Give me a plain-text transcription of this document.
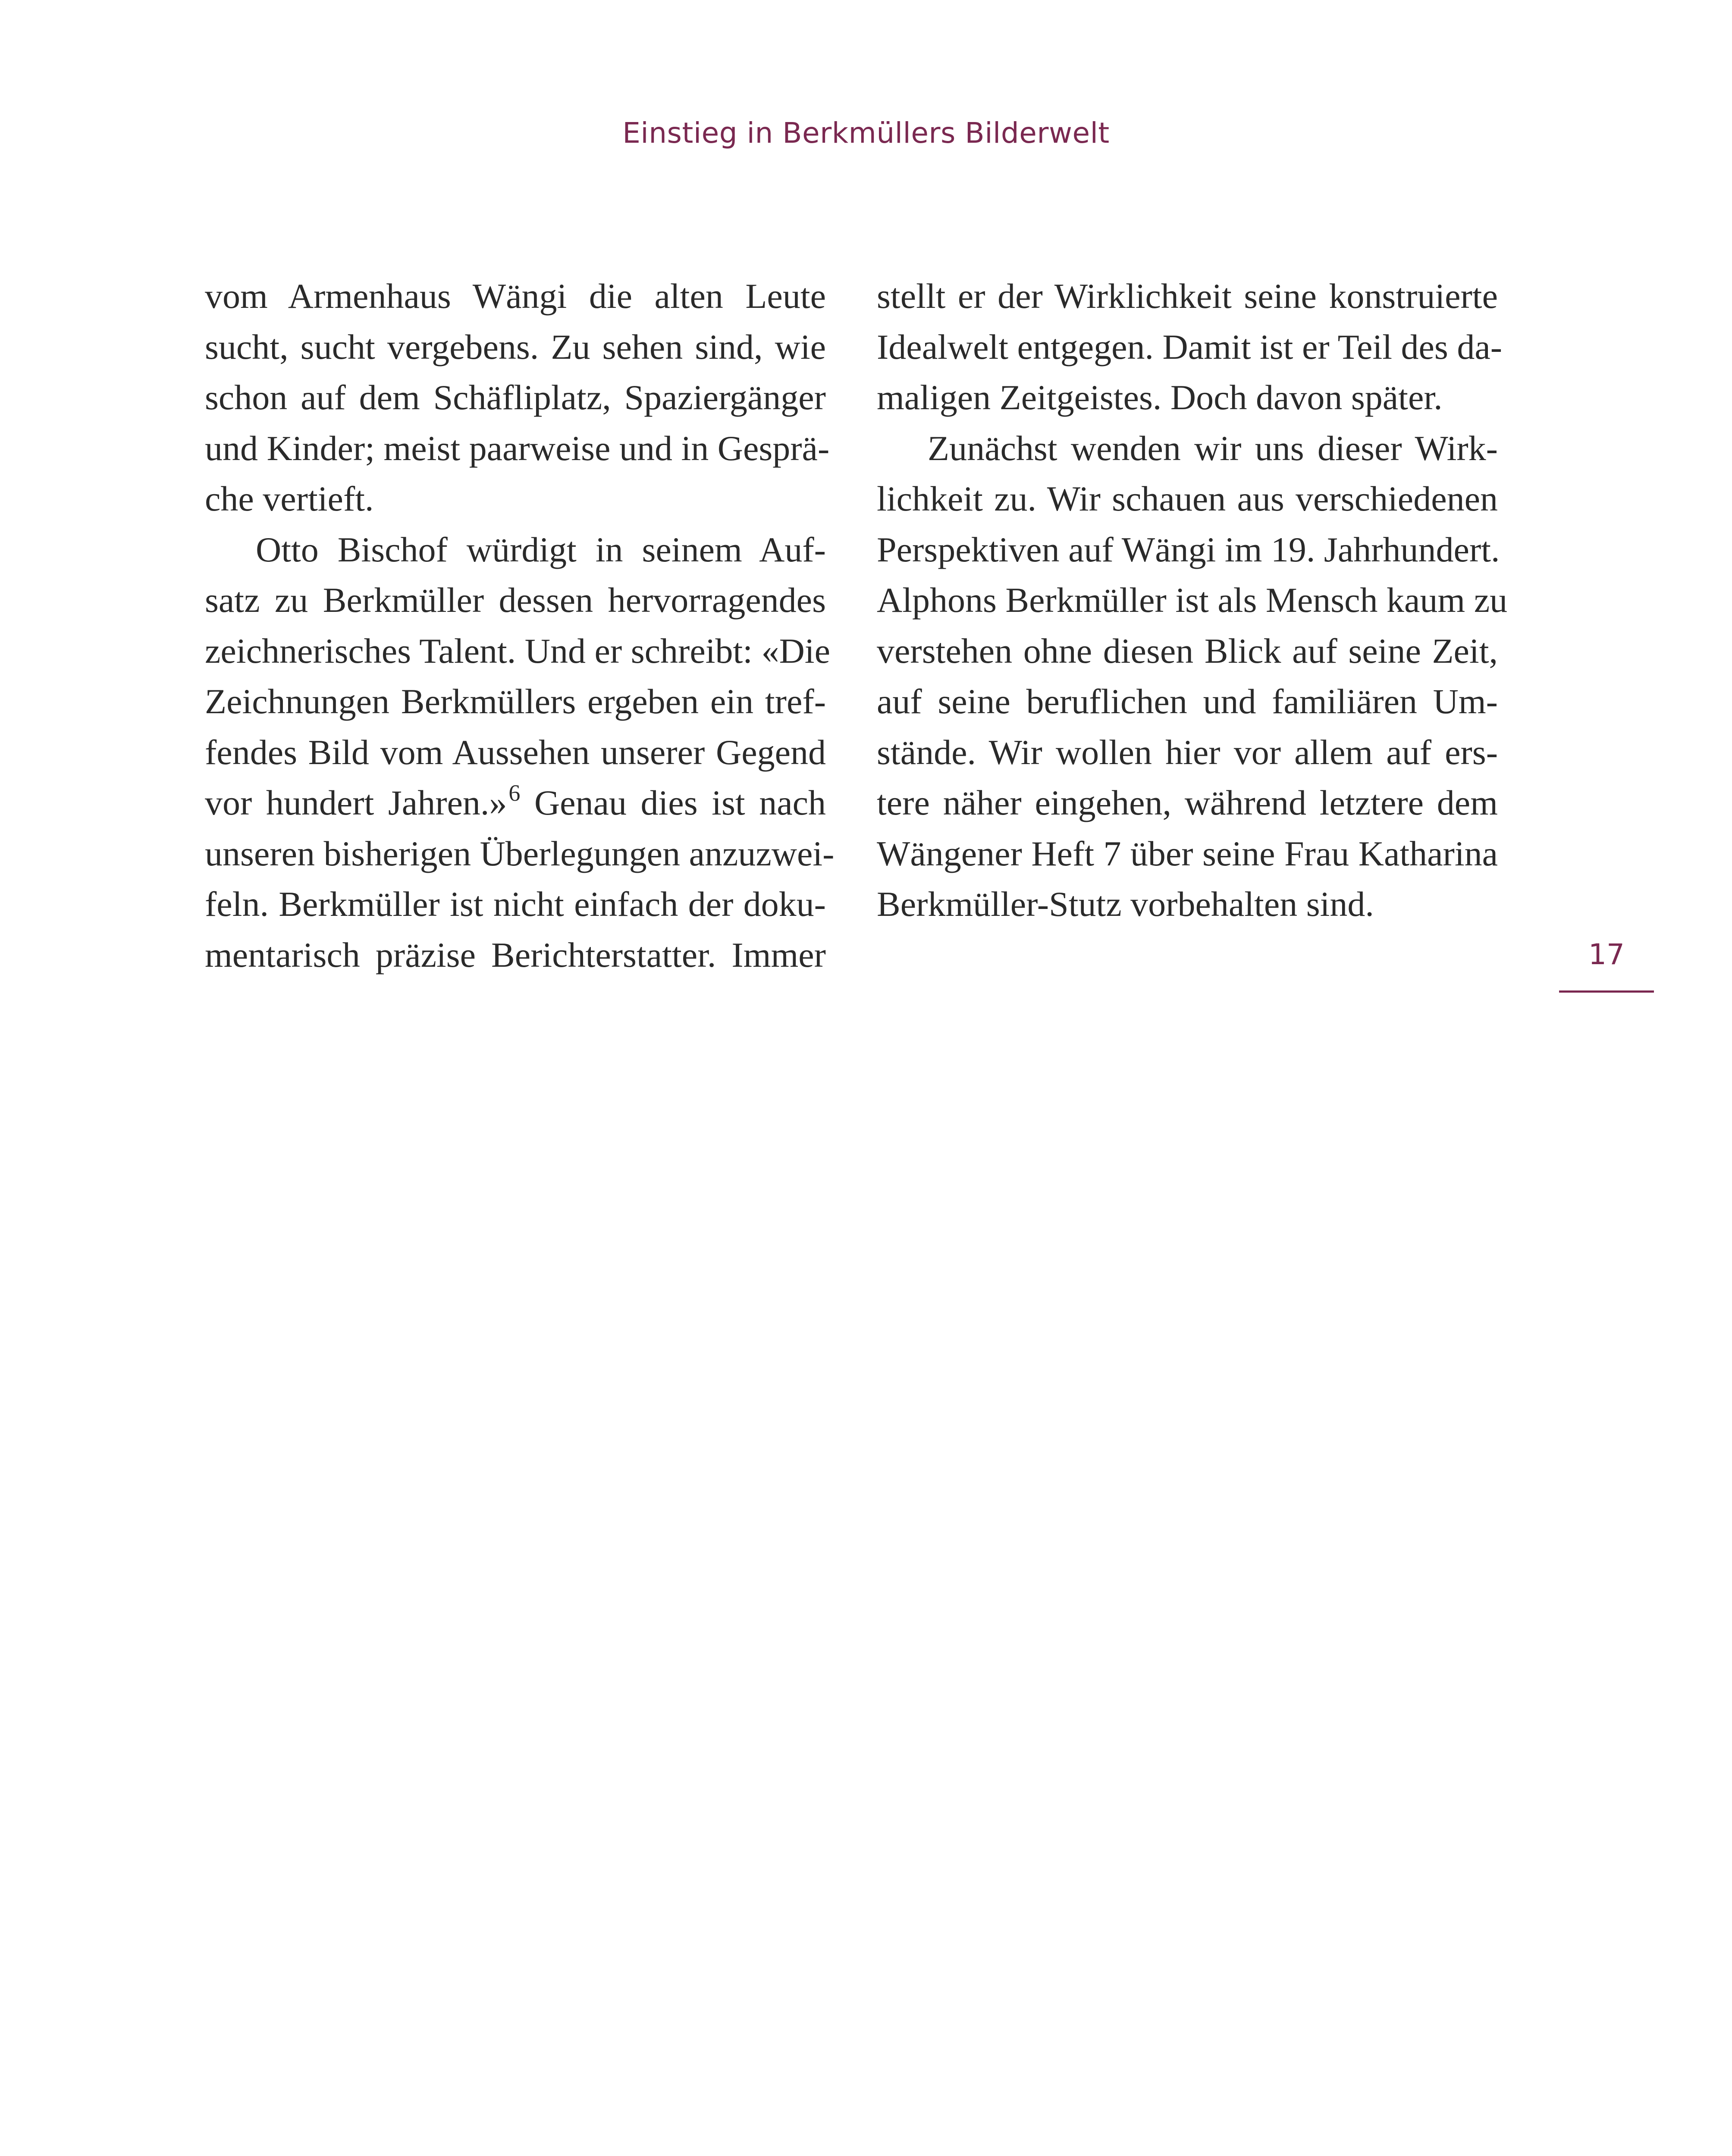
Einstieg in Berkmüllers Bilderwelt
vom Armenhaus Wängi die alten Leute
sucht, sucht vergebens. Zu sehen sind, wie
schon auf dem Schäfliplatz, Spaziergänger
und Kinder; meist paarweise und in Gesprä-
che vertieft.
Otto Bischof würdigt in seinem Auf-
satz zu Berkmüller dessen hervorragendes
zeichnerisches Talent. Und er schreibt: «Die
Zeichnungen Berkmüllers ergeben ein tref-
fendes Bild vom Aussehen unserer Gegend
vor hundert Jahren.»$^6$ Genau dies ist nach
unseren bisherigen Überlegungen anzuzwei-
feln. Berkmüller ist nicht einfach der doku-
mentarisch präzise Berichterstatter. Immer
stellt er der Wirklichkeit seine konstruierte
Idealwelt entgegen. Damit ist er Teil des da-
maligen Zeitgeistes. Doch davon später.
Zunächst wenden wir uns dieser Wirk-
lichkeit zu. Wir schauen aus verschiedenen
Perspektiven auf Wängi im 19. Jahrhundert.
Alphons Berkmüller ist als Mensch kaum zu
verstehen ohne diesen Blick auf seine Zeit,
auf seine beruflichen und familiären Um-
stände. Wir wollen hier vor allem auf ers-
tere näher eingehen, während letztere dem
Wängener Heft 7 über seine Frau Katharina
Berkmüller-Stutz vorbehalten sind.
17
